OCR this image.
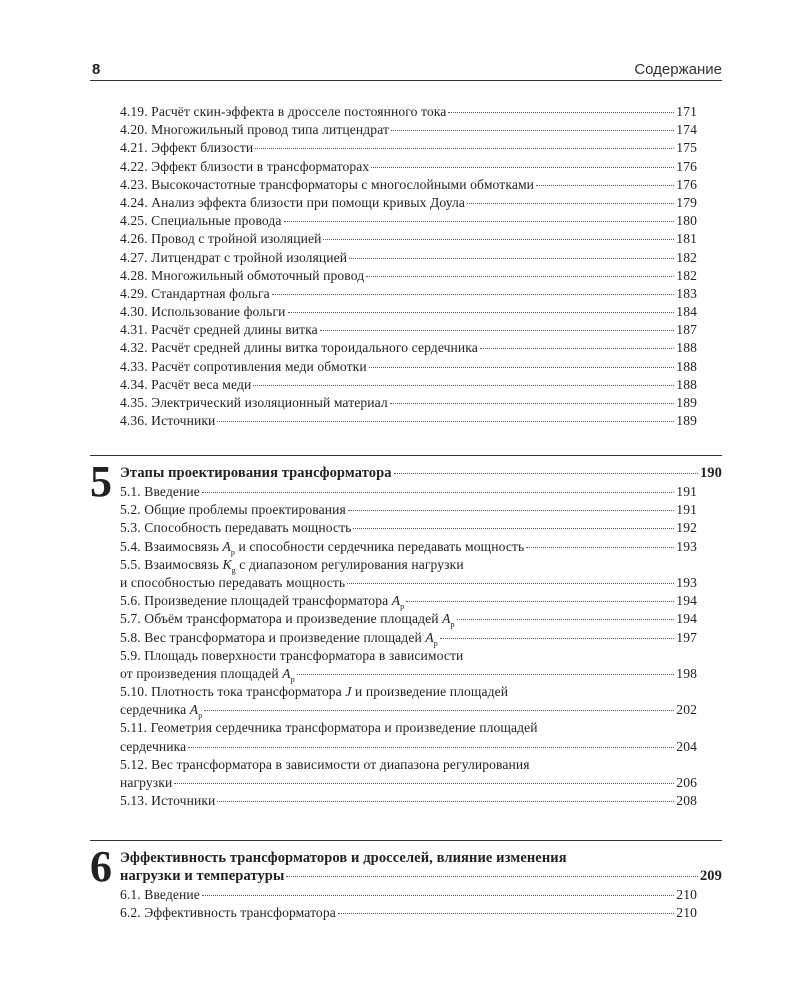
8	Содержание
4.19. Расчёт скин-эффекта в дросселе постоянного тока	171
4.20. Многожильный провод типа литцендрат	174
4.21. Эффект близости	175
4.22. Эффект близости в трансформаторах	176
4.23. Высокочастотные трансформаторы с многослойными обмотками	176
4.24. Анализ эффекта близости при помощи кривых Доула	179
4.25. Специальные провода	180
4.26. Провод с тройной изоляцией	181
4.27. Литцендрат с тройной изоляцией	182
4.28. Многожильный обмоточный провод	182
4.29. Стандартная фольга	183
4.30. Использование фольги	184
4.31. Расчёт средней длины витка	187
4.32. Расчёт средней длины витка тороидального сердечника	188
4.33. Расчёт сопротивления меди обмотки	188
4.34. Расчёт веса меди	188
4.35. Электрический изоляционный материал	189
4.36. Источники	189
5 Этапы проектирования трансформатора	190
5.1. Введение	191
5.2. Общие проблемы проектирования	191
5.3. Способность передавать мощность	192
5.4. Взаимосвязь $A_p$ и способности сердечника передавать мощность	193
5.5. Взаимосвязь $K_g$ с диапазоном регулирования нагрузки
и способностью передавать мощность	193
5.6. Произведение площадей трансформатора $A_p$	194
5.7. Объём трансформатора и произведение площадей $A_p$	194
5.8. Вес трансформатора и произведение площадей $A_p$	197
5.9. Площадь поверхности трансформатора в зависимости
от произведения площадей $A_p$	198
5.10. Плотность тока трансформатора J и произведение площадей
сердечника $A_p$	202
5.11. Геометрия сердечника трансформатора и произведение площадей
сердечника	204
5.12. Вес трансформатора в зависимости от диапазона регулирования
нагрузки	206
5.13. Источники	208
6 Эффективность трансформаторов и дросселей, влияние изменения
нагрузки и температуры	209
6.1. Введение	210
6.2. Эффективность трансформатора	210
